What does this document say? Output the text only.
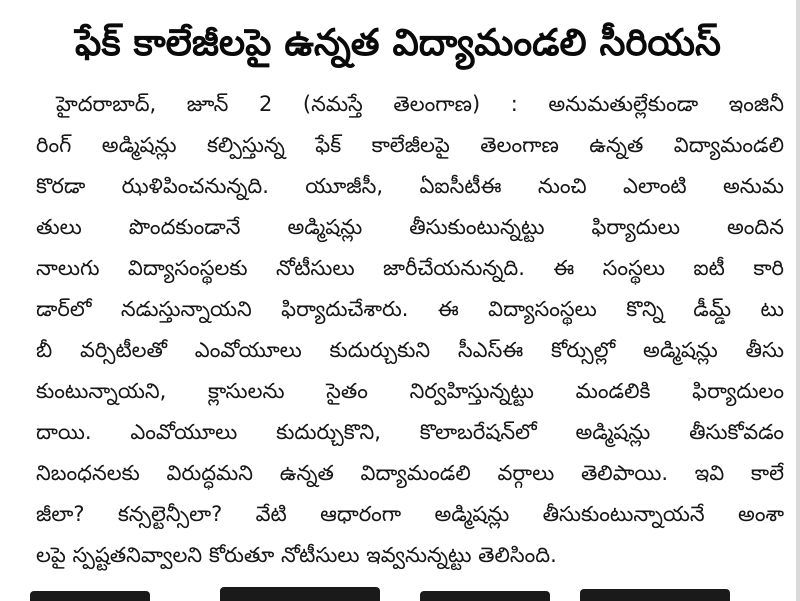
ఫేక్ కాలేజీలపై ఉన్నత విద్యామండలి సీరియస్
హైదరాబాద్, జూన్ 2 (నమస్తే తెలంగాణ) : అనుమతుల్లేకుండా ఇంజినీ
రింగ్ అడ్మిషన్లు కల్పిస్తున్న ఫేక్ కాలేజీలపై తెలంగాణ ఉన్నత విద్యామండలి
కొరడా ఝళిపించనున్నది. యూజీసీ, ఏఐసీటీఈ నుంచి ఎలాంటి అనుమ
తులు పొందకుండానే అడ్మిషన్లు తీసుకుంటున్నట్టు ఫిర్యాదులు అందిన
నాలుగు విద్యాసంస్థలకు నోటీసులు జారీచేయనున్నది. ఈ సంస్థలు ఐటీ కారి
డార్‌లో నడుస్తున్నాయని ఫిర్యాదుచేశారు. ఈ విద్యాసంస్థలు కొన్ని డీమ్డ్ టు
బీ వర్సిటీలతో ఎంవోయూలు కుదుర్చుకుని సీఎస్ఈ కోర్సుల్లో అడ్మిషన్లు తీసు
కుంటున్నాయని, క్లాసులను సైతం నిర్వహిస్తున్నట్టు మండలికి ఫిర్యాదులం
దాయి. ఎంవోయూలు కుదుర్చుకొని, కొలాబరేషన్‌లో అడ్మిషన్లు తీసుకోవడం
నిబంధనలకు విరుద్ధమని ఉన్నత విద్యామండలి వర్గాలు తెలిపాయి. ఇవి కాలే
జీలా? కన్సల్టెన్సీలా? వేటి ఆధారంగా అడ్మిషన్లు తీసుకుంటున్నాయనే అంశా
లపై స్పష్టతనివ్వాలని కోరుతూ నోటీసులు ఇవ్వనున్నట్టు తెలిసింది.
